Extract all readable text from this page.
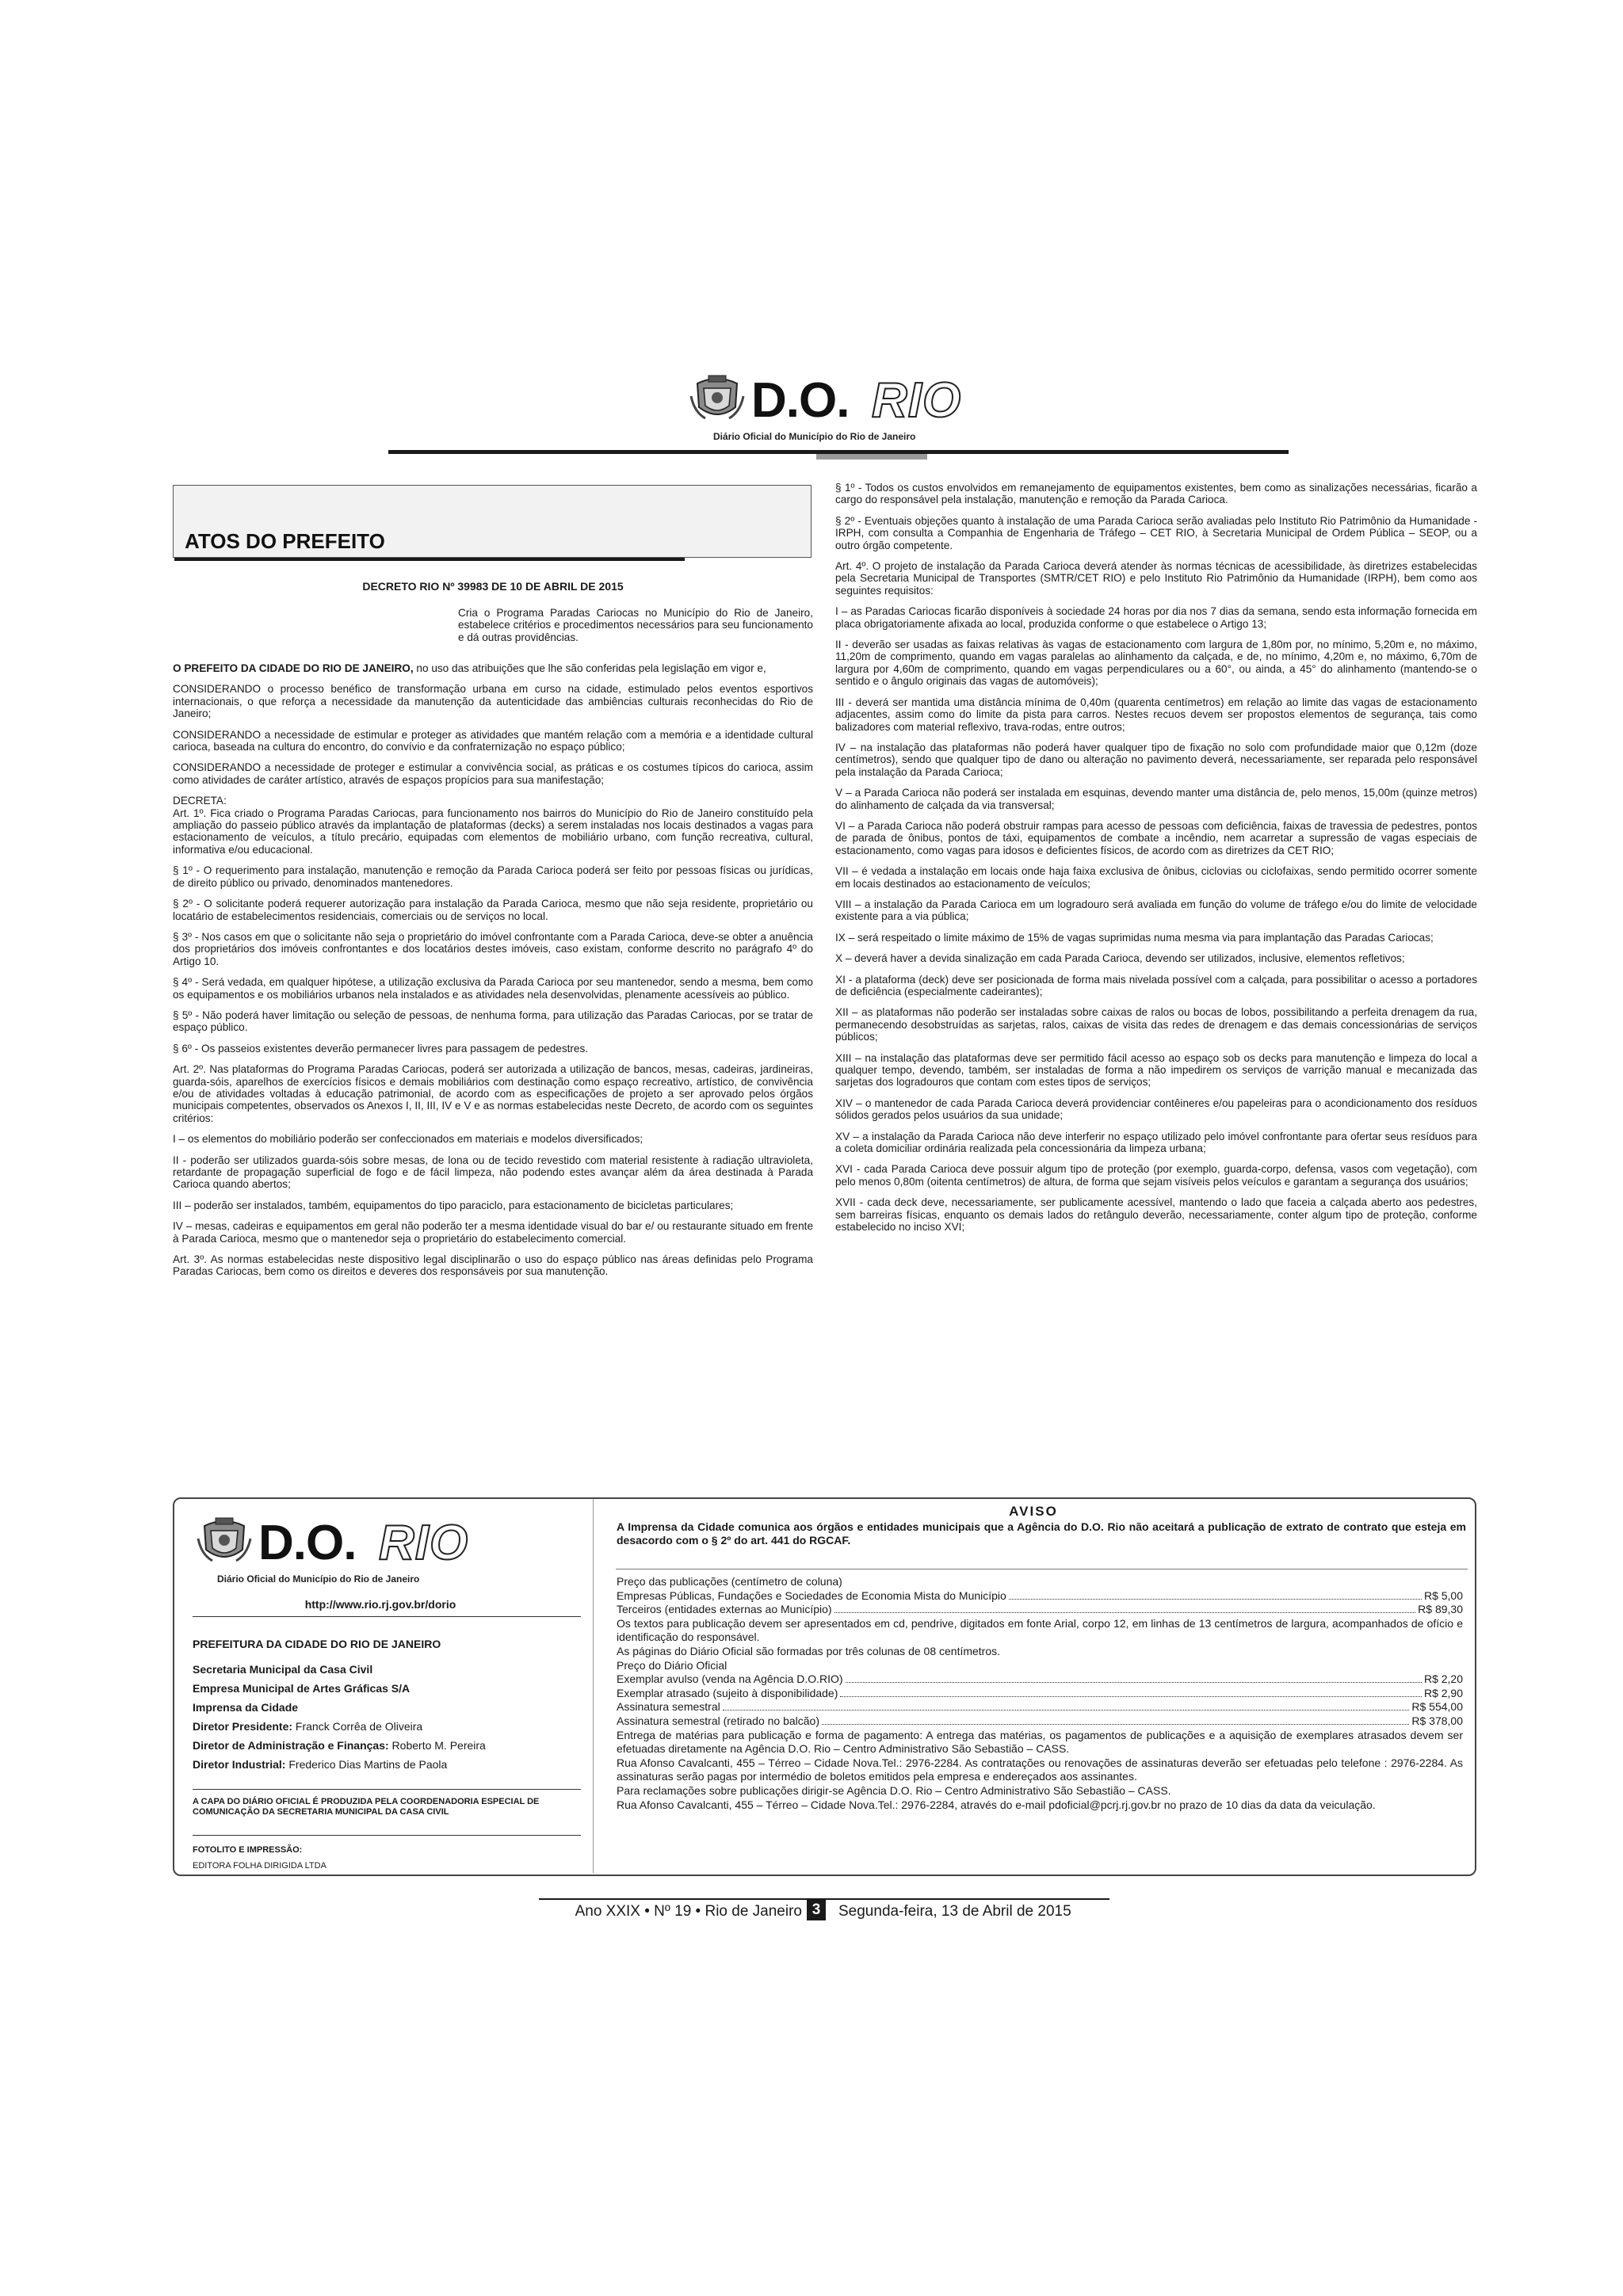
D.O. RIO
Diário Oficial do Município do Rio de Janeiro
ATOS DO PREFEITO
DECRETO RIO Nº 39983 DE 10 DE ABRIL DE 2015
Cria o Programa Paradas Cariocas no Município do Rio de Janeiro, estabelece critérios e procedimentos necessários para seu funcionamento e dá outras providências.

O PREFEITO DA CIDADE DO RIO DE JANEIRO, no uso das atribuições que lhe são conferidas pela legislação em vigor e,

CONSIDERANDO o processo benéfico de transformação urbana em curso na cidade, estimulado pelos eventos esportivos internacionais, o que reforça a necessidade da manutenção da autenticidade das ambiências culturais reconhecidas do Rio de Janeiro;

CONSIDERANDO a necessidade de estimular e proteger as atividades que mantém relação com a memória e a identidade cultural carioca, baseada na cultura do encontro, do convívio e da confraternização no espaço público;

CONSIDERANDO a necessidade de proteger e estimular a convivência social, as práticas e os costumes típicos do carioca, assim como atividades de caráter artístico, através de espaços propícios para sua manifestação;

DECRETA:
Art. 1º. Fica criado o Programa Paradas Cariocas, para funcionamento nos bairros do Município do Rio de Janeiro constituído pela ampliação do passeio público através da implantação de plataformas (decks) a serem instaladas nos locais destinados a vagas para estacionamento de veículos, a título precário, equipadas com elementos de mobiliário urbano, com função recreativa, cultural, informativa e/ou educacional.

§ 1º - O requerimento para instalação, manutenção e remoção da Parada Carioca poderá ser feito por pessoas físicas ou jurídicas, de direito público ou privado, denominados mantenedores.

§ 2º - O solicitante poderá requerer autorização para instalação da Parada Carioca, mesmo que não seja residente, proprietário ou locatário de estabelecimentos residenciais, comerciais ou de serviços no local.

§ 3º - Nos casos em que o solicitante não seja o proprietário do imóvel confrontante com a Parada Carioca, deve-se obter a anuência dos proprietários dos imóveis confrontantes e dos locatários destes imóveis, caso existam, conforme descrito no parágrafo 4º do Artigo 10.

§ 4º - Será vedada, em qualquer hipótese, a utilização exclusiva da Parada Carioca por seu mantenedor, sendo a mesma, bem como os equipamentos e os mobiliários urbanos nela instalados e as atividades nela desenvolvidas, plenamente acessíveis ao público.

§ 5º - Não poderá haver limitação ou seleção de pessoas, de nenhuma forma, para utilização das Paradas Cariocas, por se tratar de espaço público.

§ 6º - Os passeios existentes deverão permanecer livres para passagem de pedestres.

Art. 2º. Nas plataformas do Programa Paradas Cariocas, poderá ser autorizada a utilização de bancos, mesas, cadeiras, jardineiras, guarda-sóis, aparelhos de exercícios físicos e demais mobiliários com destinação como espaço recreativo, artístico, de convivência e/ou de atividades voltadas à educação patrimonial, de acordo com as especificações de projeto a ser aprovado pelos órgãos municipais competentes, observados os Anexos I, II, III, IV e V e as normas estabelecidas neste Decreto, de acordo com os seguintes critérios:

I – os elementos do mobiliário poderão ser confeccionados em materiais e modelos diversificados;

II - poderão ser utilizados guarda-sóis sobre mesas, de lona ou de tecido revestido com material resistente à radiação ultravioleta, retardante de propagação superficial de fogo e de fácil limpeza, não podendo estes avançar além da área destinada à Parada Carioca quando abertos;

III – poderão ser instalados, também, equipamentos do tipo paraciclo, para estacionamento de bicicletas particulares;

IV – mesas, cadeiras e equipamentos em geral não poderão ter a mesma identidade visual do bar e/ ou restaurante situado em frente à Parada Carioca, mesmo que o mantenedor seja o proprietário do estabelecimento comercial.

Art. 3º. As normas estabelecidas neste dispositivo legal disciplinarão o uso do espaço público nas áreas definidas pelo Programa Paradas Cariocas, bem como os direitos e deveres dos responsáveis por sua manutenção.

§ 1º - Todos os custos envolvidos em remanejamento de equipamentos existentes, bem como as sinalizações necessárias, ficarão a cargo do responsável pela instalação, manutenção e remoção da Parada Carioca.

§ 2º - Eventuais objeções quanto à instalação de uma Parada Carioca serão avaliadas pelo Instituto Rio Patrimônio da Humanidade - IRPH, com consulta a Companhia de Engenharia de Tráfego – CET RIO, à Secretaria Municipal de Ordem Pública – SEOP, ou a outro órgão competente.

Art. 4º. O projeto de instalação da Parada Carioca deverá atender às normas técnicas de acessibilidade, às diretrizes estabelecidas pela Secretaria Municipal de Transportes (SMTR/CET RIO) e pelo Instituto Rio Patrimônio da Humanidade (IRPH), bem como aos seguintes requisitos:

I – as Paradas Cariocas ficarão disponíveis à sociedade 24 horas por dia nos 7 dias da semana, sendo esta informação fornecida em placa obrigatoriamente afixada ao local, produzida conforme o que estabelece o Artigo 13;

II - deverão ser usadas as faixas relativas às vagas de estacionamento com largura de 1,80m por, no mínimo, 5,20m e, no máximo, 11,20m de comprimento, quando em vagas paralelas ao alinhamento da calçada, e de, no mínimo, 4,20m e, no máximo, 6,70m de largura por 4,60m de comprimento, quando em vagas perpendiculares ou a 60°, ou ainda, a 45° do alinhamento (mantendo-se o sentido e o ângulo originais das vagas de automóveis);

III - deverá ser mantida uma distância mínima de 0,40m (quarenta centímetros) em relação ao limite das vagas de estacionamento adjacentes, assim como do limite da pista para carros. Nestes recuos devem ser propostos elementos de segurança, tais como balizadores com material reflexivo, trava-rodas, entre outros;

IV – na instalação das plataformas não poderá haver qualquer tipo de fixação no solo com profundidade maior que 0,12m (doze centímetros), sendo que qualquer tipo de dano ou alteração no pavimento deverá, necessariamente, ser reparada pelo responsável pela instalação da Parada Carioca;

V – a Parada Carioca não poderá ser instalada em esquinas, devendo manter uma distância de, pelo menos, 15,00m (quinze metros) do alinhamento de calçada da via transversal;

VI – a Parada Carioca não poderá obstruir rampas para acesso de pessoas com deficiência, faixas de travessia de pedestres, pontos de parada de ônibus, pontos de táxi, equipamentos de combate a incêndio, nem acarretar a supressão de vagas especiais de estacionamento, como vagas para idosos e deficientes físicos, de acordo com as diretrizes da CET RIO;

VII – é vedada a instalação em locais onde haja faixa exclusiva de ônibus, ciclovias ou ciclofaixas, sendo permitido ocorrer somente em locais destinados ao estacionamento de veículos;

VIII – a instalação da Parada Carioca em um logradouro será avaliada em função do volume de tráfego e/ou do limite de velocidade existente para a via pública;

IX – será respeitado o limite máximo de 15% de vagas suprimidas numa mesma via para implantação das Paradas Cariocas;

X – deverá haver a devida sinalização em cada Parada Carioca, devendo ser utilizados, inclusive, elementos refletivos;

XI - a plataforma (deck) deve ser posicionada de forma mais nivelada possível com a calçada, para possibilitar o acesso a portadores de deficiência (especialmente cadeirantes);

XII – as plataformas não poderão ser instaladas sobre caixas de ralos ou bocas de lobos, possibilitando a perfeita drenagem da rua, permanecendo desobstruídas as sarjetas, ralos, caixas de visita das redes de drenagem e das demais concessionárias de serviços públicos;

XIII – na instalação das plataformas deve ser permitido fácil acesso ao espaço sob os decks para manutenção e limpeza do local a qualquer tempo, devendo, também, ser instaladas de forma a não impedirem os serviços de varrição manual e mecanizada das sarjetas dos logradouros que contam com estes tipos de serviços;

XIV – o mantenedor de cada Parada Carioca deverá providenciar contêineres e/ou papeleiras para o acondicionamento dos resíduos sólidos gerados pelos usuários da sua unidade;

XV – a instalação da Parada Carioca não deve interferir no espaço utilizado pelo imóvel confrontante para ofertar seus resíduos para a coleta domiciliar ordinária realizada pela concessionária da limpeza urbana;

XVI - cada Parada Carioca deve possuir algum tipo de proteção (por exemplo, guarda-corpo, defensa, vasos com vegetação), com pelo menos 0,80m (oitenta centímetros) de altura, de forma que sejam visíveis pelos veículos e garantam a segurança dos usuários;

XVII - cada deck deve, necessariamente, ser publicamente acessível, mantendo o lado que faceia a calçada aberto aos pedestres, sem barreiras físicas, enquanto os demais lados do retângulo deverão, necessariamente, conter algum tipo de proteção, conforme estabelecido no inciso XVI;

D.O. RIO
Diário Oficial do Município do Rio de Janeiro
http://www.rio.rj.gov.br/dorio
PREFEITURA DA CIDADE DO RIO DE JANEIRO
Secretaria Municipal da Casa Civil
Empresa Municipal de Artes Gráficas S/A
Imprensa da Cidade
Diretor Presidente: Franck Corrêa de Oliveira
Diretor de Administração e Finanças: Roberto M. Pereira
Diretor Industrial: Frederico Dias Martins de Paola
A CAPA DO DIÁRIO OFICIAL É PRODUZIDA PELA COORDENADORIA ESPECIAL DE COMUNICAÇÃO DA SECRETARIA MUNICIPAL DA CASA CIVIL
FOTOLITO E IMPRESSÃO:
EDITORA FOLHA DIRIGIDA LTDA
AVISO
A Imprensa da Cidade comunica aos órgãos e entidades municipais que a Agência do D.O. Rio não aceitará a publicação de extrato de contrato que esteja em desacordo com o § 2º do art. 441 do RGCAF.
Preço das publicações (centímetro de coluna)
Empresas Públicas, Fundações e Sociedades de Economia Mista do Município	R$ 5,00
Terceiros (entidades externas ao Município)	R$ 89,30
Os textos para publicação devem ser apresentados em cd, pendrive, digitados em fonte Arial, corpo 12, em linhas de 13 centímetros de largura, acompanhados de ofício e identificação do responsável.
As páginas do Diário Oficial são formadas por três colunas de 08 centímetros.
Preço do Diário Oficial
Exemplar avulso (venda na Agência D.O.RIO)	R$ 2,20
Exemplar atrasado (sujeito à disponibilidade)	R$ 2,90
Assinatura semestral	R$ 554,00
Assinatura semestral (retirado no balcão)	R$ 378,00
Entrega de matérias para publicação e forma de pagamento: A entrega das matérias, os pagamentos de publicações e a aquisição de exemplares atrasados devem ser efetuadas diretamente na Agência D.O. Rio – Centro Administrativo São Sebastião – CASS.
Rua Afonso Cavalcanti, 455 – Térreo – Cidade Nova.Tel.: 2976-2284. As contratações ou renovações de assinaturas deverão ser efetuadas pelo telefone : 2976-2284. As assinaturas serão pagas por intermédio de boletos emitidos pela empresa e endereçados aos assinantes.
Para reclamações sobre publicações dirigir-se Agência D.O. Rio – Centro Administrativo São Sebastião – CASS.
Rua Afonso Cavalcanti, 455 – Térreo – Cidade Nova.Tel.: 2976-2284, através do e-mail pdoficial@pcrj.rj.gov.br no prazo de 10 dias da data da veiculação.
Ano XXIX • Nº 19 • Rio de Janeiro 3	Segunda-feira, 13 de Abril de 2015
